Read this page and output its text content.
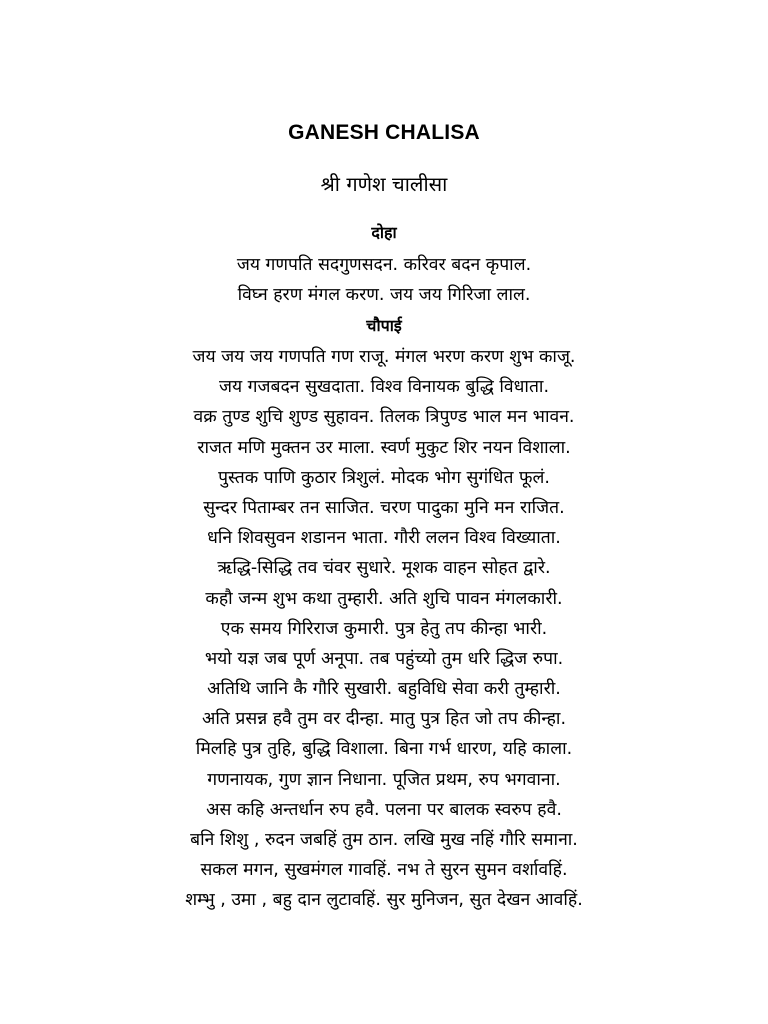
GANESH CHALISA
श्री गणेश चालीसा
दोहा
जय गणपति सदगुणसदन. करिवर बदन कृपाल.
विघ्न हरण मंगल करण. जय जय गिरिजा लाल.
चौपाई
जय जय जय गणपति गण राजू. मंगल भरण करण शुभ काजू.
जय गजबदन सुखदाता. विश्व विनायक बुद्धि विधाता.
वक्र तुण्ड शुचि शुण्ड सुहावन. तिलक त्रिपुण्ड भाल मन भावन.
राजत मणि मुक्तन उर माला. स्वर्ण मुकुट शिर नयन विशाला.
पुस्तक पाणि कुठार त्रिशुलं. मोदक भोग सुगंधित फूलं.
सुन्दर पिताम्बर तन साजित. चरण पादुका मुनि मन राजित.
धनि शिवसुवन शडानन भाता. गौरी ललन विश्व विख्याता.
ऋद्धि-सिद्धि तव चंवर सुधारे. मूशक वाहन सोहत द्वारे.
कहौ जन्म शुभ कथा तुम्हारी. अति शुचि पावन मंगलकारी.
एक समय गिरिराज कुमारी. पुत्र हेतु तप कीन्हा भारी.
भयो यज्ञ जब पूर्ण अनूपा. तब पहुंच्यो तुम धरि द्धिज रुपा.
अतिथि जानि कै गौरि सुखारी. बहुविधि सेवा करी तुम्हारी.
अति प्रसन्न हवै तुम वर दीन्हा. मातु पुत्र हित जो तप कीन्हा.
मिलहि पुत्र तुहि, बुद्धि विशाला. बिना गर्भ धारण, यहि काला.
गणनायक, गुण ज्ञान निधाना. पूजित प्रथम, रुप भगवाना.
अस कहि अन्तर्धान रुप हवै. पलना पर बालक स्वरुप हवै.
बनि शिशु , रुदन जबहिं तुम ठान. लखि मुख नहिं गौरि समाना.
सकल मगन, सुखमंगल गावहिं. नभ ते सुरन सुमन वर्शावहिं.
शम्भु , उमा , बहु दान लुटावहिं. सुर मुनिजन, सुत देखन आवहिं.
